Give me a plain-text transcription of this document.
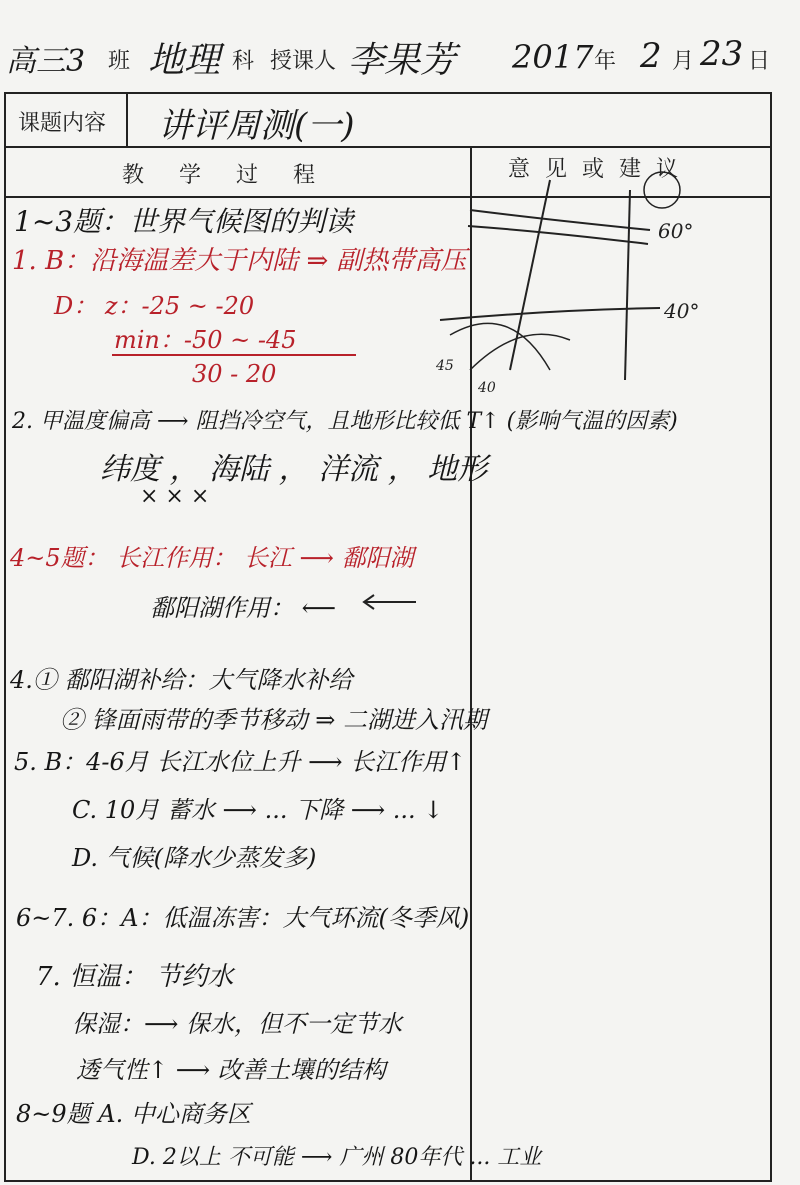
高三3 班 地理 科 授课人 李果芳 2017 年 2 月 23 日
课题内容 讲评周测(一)
教 学 过 程	意 见 或 建 议
1~3题：世界气候图的判读
1. B：沿海温差大于内陆 ⇒ 副热带高压
D： z：-25 ~ -20
min：-50 ~ -45
30 - 20
2. 甲温度偏高 ⟶ 阻挡冷空气，且地形比较低 T↑ (影响气温的因素)
纬度 ， 海陆 ， 洋流 ， 地形
× × ×
4~5题： 长江作用： 长江 ⟶ 鄱阳湖
鄱阳湖作用： ⟵
4.① 鄱阳湖补给：大气降水补给
② 锋面雨带的季节移动 ⇒ 二湖进入汛期
5. B：4-6月 长江水位上升 ⟶ 长江作用↑
C. 10月 蓄水 ⟶ ... 下降 ⟶ ... ↓
D. 气候(降水少蒸发多)
6~7. 6：A：低温冻害：大气环流(冬季风)
7. 恒温： 节约水
保湿：⟶ 保水，但不一定节水
透气性↑ ⟶ 改善土壤的结构
8~9题 A. 中心商务区
D. 2以上 不可能 ⟶ 广州 80年代 ... 工业
60°
40°
45
40
